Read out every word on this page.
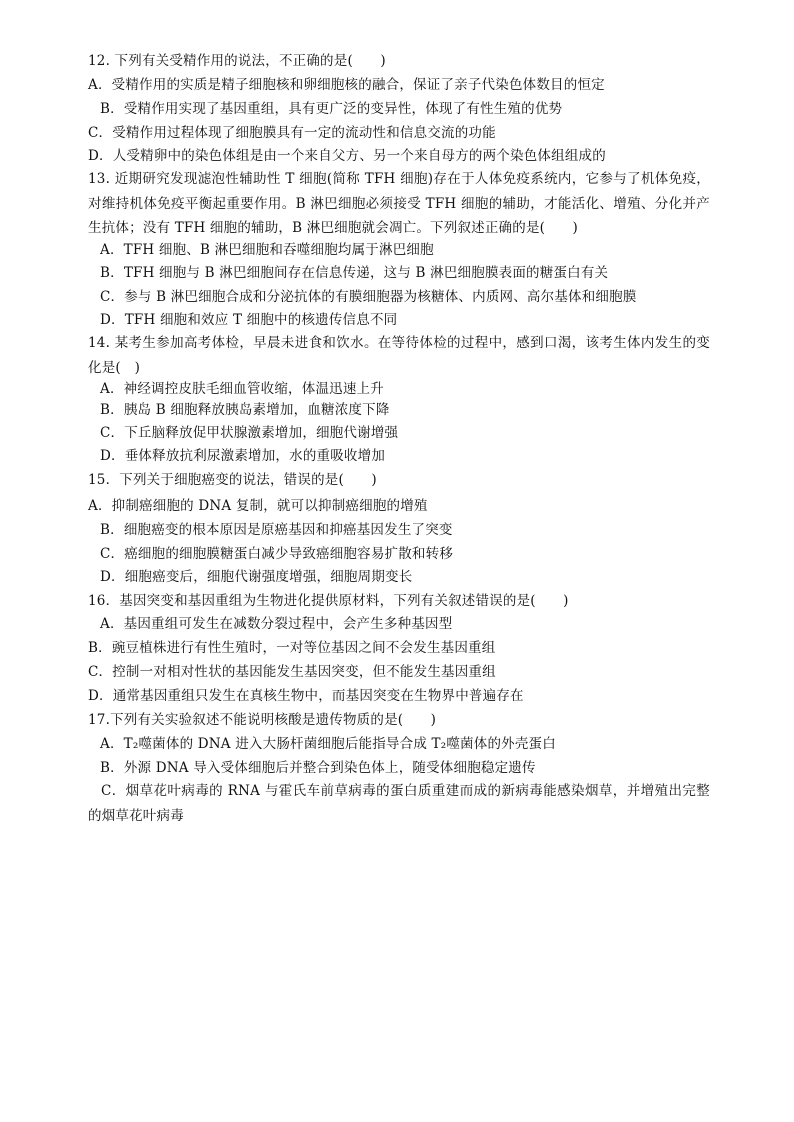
12. 下列有关受精作用的说法，不正确的是(　　)
A．受精作用的实质是精子细胞核和卵细胞核的融合，保证了亲子代染色体数目的恒定
B．受精作用实现了基因重组，具有更广泛的变异性，体现了有性生殖的优势
C．受精作用过程体现了细胞膜具有一定的流动性和信息交流的功能
D．人受精卵中的染色体组是由一个来自父方、另一个来自母方的两个染色体组组成的
13. 近期研究发现滤泡性辅助性 T 细胞(简称 TFH 细胞)存在于人体免疫系统内，它参与了机体免疫，对维持机体免疫平衡起重要作用。B 淋巴细胞必须接受 TFH 细胞的辅助，才能活化、增殖、分化并产生抗体；没有 TFH 细胞的辅助，B 淋巴细胞就会凋亡。下列叙述正确的是(　　)
A．TFH 细胞、B 淋巴细胞和吞噬细胞均属于淋巴细胞
B．TFH 细胞与 B 淋巴细胞间存在信息传递，这与 B 淋巴细胞膜表面的糖蛋白有关
C．参与 B 淋巴细胞合成和分泌抗体的有膜细胞器为核糖体、内质网、高尔基体和细胞膜
D．TFH 细胞和效应 T 细胞中的核遗传信息不同
14. 某考生参加高考体检，早晨未进食和饮水。在等待体检的过程中，感到口渴，该考生体内发生的变化是(　)
A．神经调控皮肤毛细血管收缩，体温迅速上升
B．胰岛 B 细胞释放胰岛素增加，血糖浓度下降
C．下丘脑释放促甲状腺激素增加，细胞代谢增强
D．垂体释放抗利尿激素增加，水的重吸收增加
15．下列关于细胞癌变的说法，错误的是(　　)
A．抑制癌细胞的 DNA 复制，就可以抑制癌细胞的增殖
B．细胞癌变的根本原因是原癌基因和抑癌基因发生了突变
C．癌细胞的细胞膜糖蛋白减少导致癌细胞容易扩散和转移
D．细胞癌变后，细胞代谢强度增强，细胞周期变长
16．基因突变和基因重组为生物进化提供原材料，下列有关叙述错误的是(　　)
A．基因重组可发生在减数分裂过程中，会产生多种基因型
B．豌豆植株进行有性生殖时，一对等位基因之间不会发生基因重组
C．控制一对相对性状的基因能发生基因突变，但不能发生基因重组
D．通常基因重组只发生在真核生物中，而基因突变在生物界中普遍存在
17.下列有关实验叙述不能说明核酸是遗传物质的是(　　)
A．T₂噬菌体的 DNA 进入大肠杆菌细胞后能指导合成 T₂噬菌体的外壳蛋白
B．外源 DNA 导入受体细胞后并整合到染色体上，随受体细胞稳定遗传
C．烟草花叶病毒的 RNA 与霍氏车前草病毒的蛋白质重建而成的新病毒能感染烟草，并增殖出完整的烟草花叶病毒
